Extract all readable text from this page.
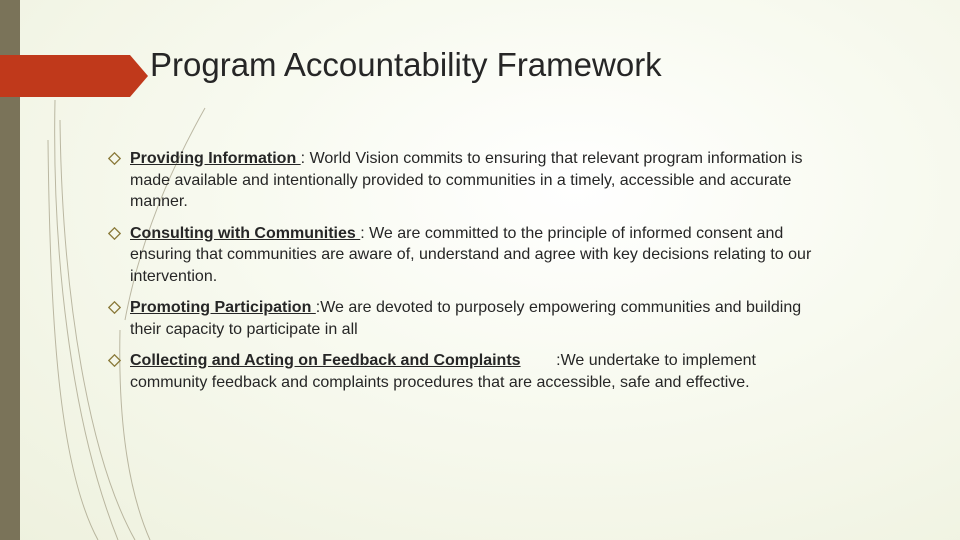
Program Accountability Framework
Providing Information : World Vision commits to ensuring that relevant program information is made available and intentionally provided to communities in a timely, accessible and accurate manner.
Consulting with Communities : We are committed to the principle of informed consent and ensuring that communities are aware of, understand and agree with key decisions relating to our intervention.
Promoting Participation :We are devoted to purposely empowering communities and building their capacity to participate in all
Collecting and Acting on Feedback and Complaints        :We undertake to implement community feedback and complaints procedures that are accessible, safe and effective.
